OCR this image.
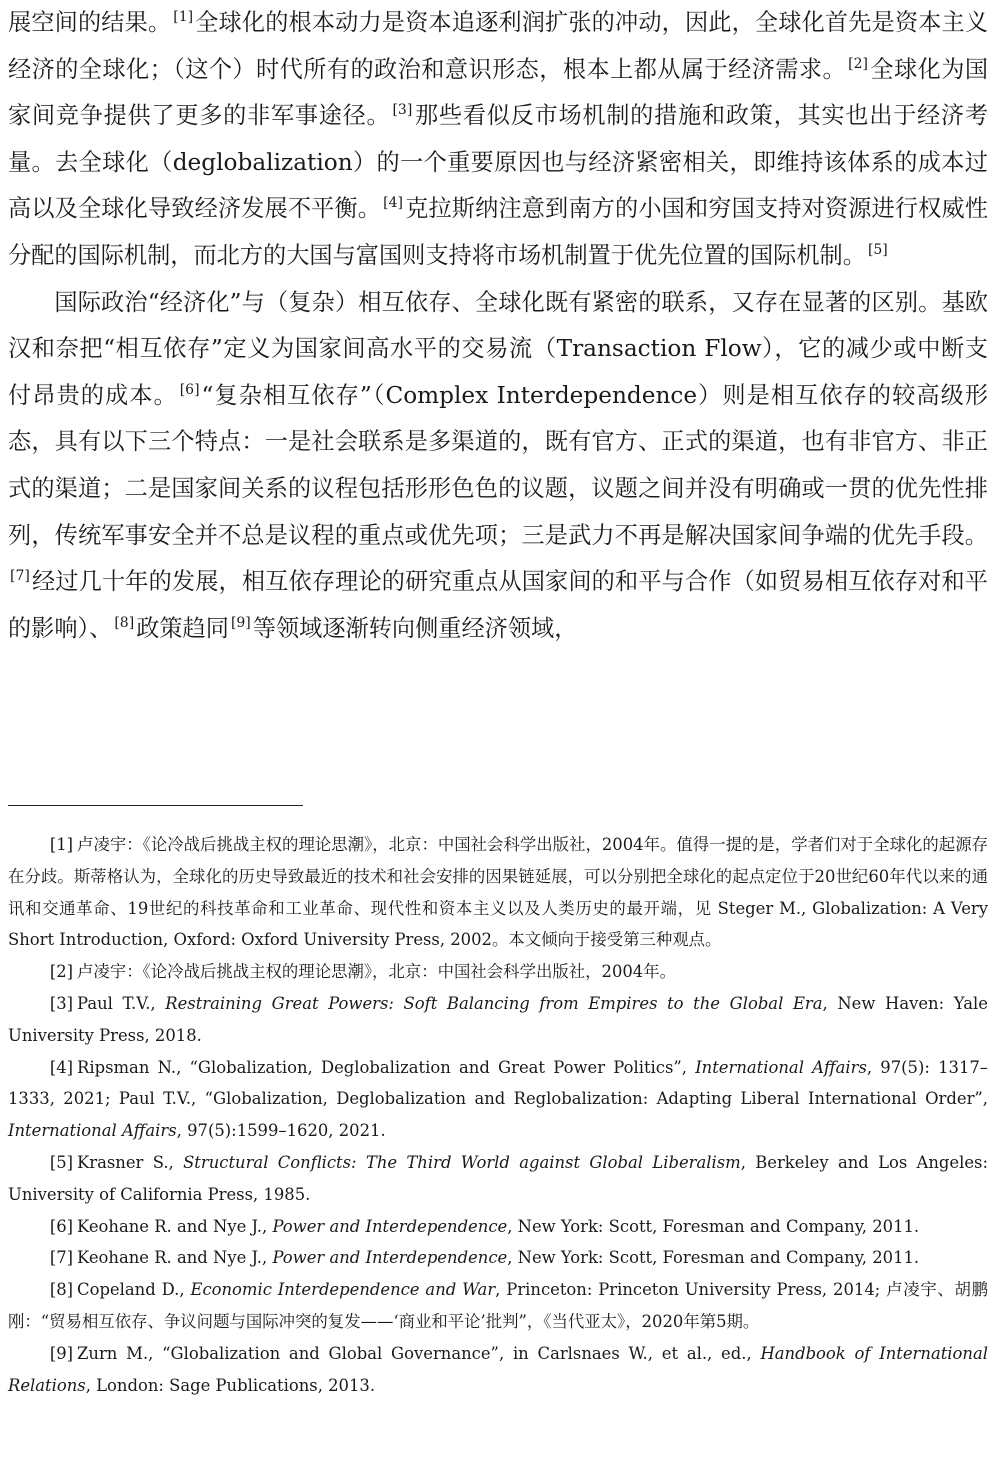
展空间的结果。 [1]全球化的根本动力是资本追逐利润扩张的冲动，因此，全球化首先是资本主义经济的全球化；（这个）时代所有的政治和意识形态，根本上都从属于经济需求。 [2]全球化为国家间竞争提供了更多的非军事途径。 [3]那些看似反市场机制的措施和政策，其实也出于经济考量。去全球化（deglobalization）的一个重要原因也与经济紧密相关，即维持该体系的成本过高以及全球化导致经济发展不平衡。 [4]克拉斯纳注意到南方的小国和穷国支持对资源进行权威性分配的国际机制，而北方的大国与富国则支持将市场机制置于优先位置的国际机制。 [5]

国际政治“经济化”与（复杂）相互依存、全球化既有紧密的联系，又存在显著的区别。基欧汉和奈把“相互依存”定义为国家间高水平的交易流（Transaction Flow），它的减少或中断支付昂贵的成本。 [6]“复杂相互依存”（Complex Interdependence）则是相互依存的较高级形态，具有以下三个特点：一是社会联系是多渠道的，既有官方、正式的渠道，也有非官方、非正式的渠道；二是国家间关系的议程包括形形色色的议题，议题之间并没有明确或一贯的优先性排列，传统军事安全并不总是议程的重点或优先项；三是武力不再是解决国家间争端的优先手段。[7]经过几十年的发展，相互依存理论的研究重点从国家间的和平与合作（如贸易相互依存对和平的影响）、 [8]政策趋同 [9]等领域逐渐转向侧重经济领域，

[1] 卢凌宇：《论冷战后挑战主权的理论思潮》，北京：中国社会科学出版社，2004年。值得一提的是，学者们对于全球化的起源存在分歧。斯蒂格认为，全球化的历史导致最近的技术和社会安排的因果链延展，可以分别把全球化的起点定位于20世纪60年代以来的通讯和交通革命、19世纪的科技革命和工业革命、现代性和资本主义以及人类历史的最开端，见 Steger M., Globalization: A Very Short Introduction, Oxford: Oxford University Press, 2002。本文倾向于接受第三种观点。

[2] 卢凌宇：《论冷战后挑战主权的理论思潮》，北京：中国社会科学出版社，2004年。

[3] Paul T.V., Restraining Great Powers: Soft Balancing from Empires to the Global Era, New Haven: Yale University Press, 2018.

[4] Ripsman N., “Globalization, Deglobalization and Great Power Politics”, International Affairs, 97(5): 1317–1333, 2021; Paul T.V., “Globalization, Deglobalization and Reglobalization: Adapting Liberal International Order”, International Affairs, 97(5):1599–1620, 2021.

[5] Krasner S., Structural Conflicts: The Third World against Global Liberalism, Berkeley and Los Angeles: University of California Press, 1985.

[6] Keohane R. and Nye J., Power and Interdependence, New York: Scott, Foresman and Company, 2011.

[7] Keohane R. and Nye J., Power and Interdependence, New York: Scott, Foresman and Company, 2011.

[8] Copeland D., Economic Interdependence and War, Princeton: Princeton University Press, 2014; 卢凌宇、胡鹏刚：“贸易相互依存、争议问题与国际冲突的复发——‘商业和平论’批判”，《当代亚太》，2020年第5期。

[9] Zurn M., “Globalization and Global Governance”, in Carlsnaes W., et al., ed., Handbook of International Relations, London: Sage Publications, 2013.
